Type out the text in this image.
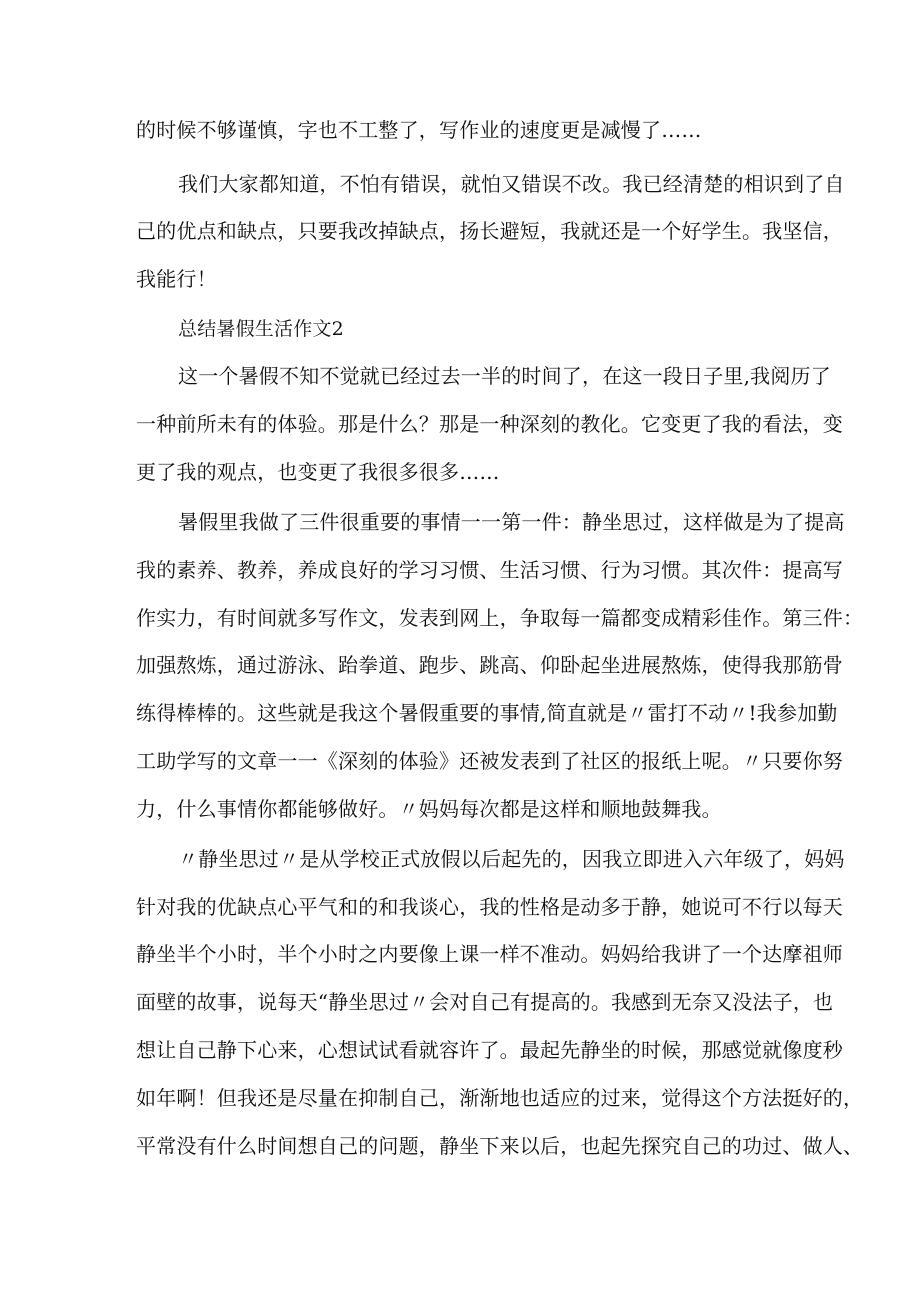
的时候不够谨慎，字也不工整了，写作业的速度更是减慢了……
我们大家都知道，不怕有错误，就怕又错误不改。我已经清楚的相识到了自
己的优点和缺点，只要我改掉缺点，扬长避短，我就还是一个好学生。我坚信，
我能行！
总结暑假生活作文2
这一个暑假不知不觉就已经过去一半的时间了，在这一段日子里,我阅历了
一种前所未有的体验。那是什么？那是一种深刻的教化。它变更了我的看法，变
更了我的观点，也变更了我很多很多……
暑假里我做了三件很重要的事情一一第一件：静坐思过，这样做是为了提高
我的素养、教养，养成良好的学习习惯、生活习惯、行为习惯。其次件：提高写
作实力，有时间就多写作文，发表到网上，争取每一篇都变成精彩佳作。第三件：
加强熬炼，通过游泳、跆拳道、跑步、跳高、仰卧起坐进展熬炼，使得我那筋骨
练得棒棒的。这些就是我这个暑假重要的事情,简直就是〃雷打不动〃!我参加勤
工助学写的文章一一《深刻的体验》还被发表到了社区的报纸上呢。〃只要你努
力，什么事情你都能够做好。〃妈妈每次都是这样和顺地鼓舞我。
〃静坐思过〃是从学校正式放假以后起先的，因我立即进入六年级了，妈妈
针对我的优缺点心平气和的和我谈心，我的性格是动多于静，她说可不行以每天
静坐半个小时，半个小时之内要像上课一样不准动。妈妈给我讲了一个达摩祖师
面壁的故事，说每天“静坐思过〃会对自己有提高的。我感到无奈又没法子，也
想让自己静下心来，心想试试看就容许了。最起先静坐的时候，那感觉就像度秒
如年啊！但我还是尽量在抑制自己，渐渐地也适应的过来，觉得这个方法挺好的，
平常没有什么时间想自己的问题，静坐下来以后，也起先探究自己的功过、做人、
